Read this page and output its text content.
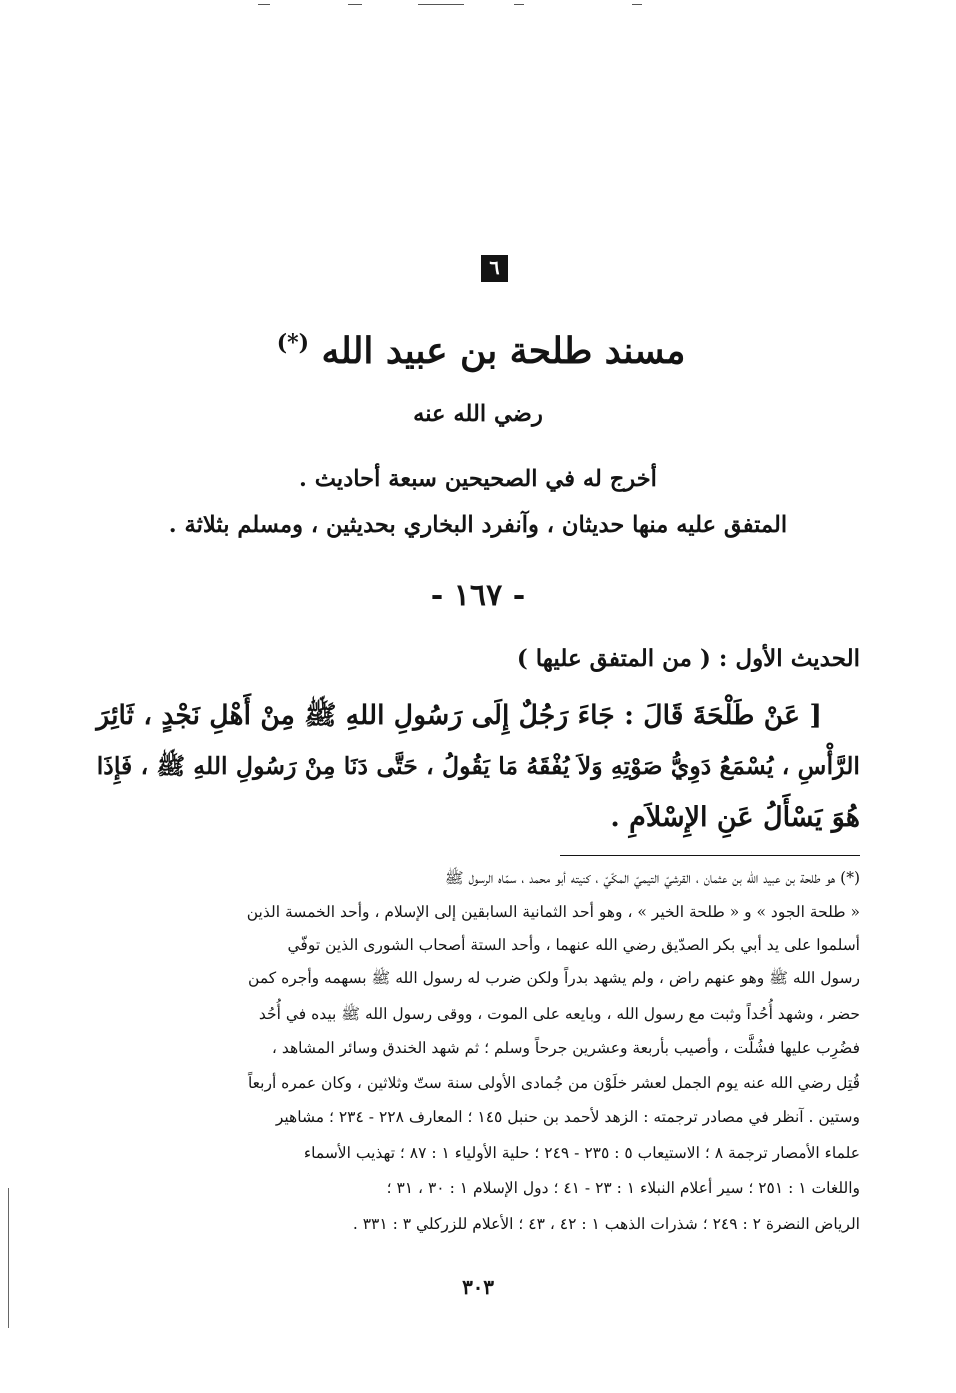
٦
مسند طلحة بن عبيد الله (*)
رضي الله عنه
أخرج له في الصحيحين سبعة أحاديث .
المتفق عليه منها حديثان ، وآنفرد البخاري بحديثين ، ومسلم بثلاثة .
- ١٦٧ -
الحديث الأول : ( من المتفق عليها )
[ عَنْ طَلْحَةَ قَالَ : جَاءَ رَجُلٌ إِلَى رَسُولِ اللهِ ﷺ مِنْ أَهْلِ نَجْدٍ ، ثَائِرَ
الرَّأْسِ ، يُسْمَعُ دَوِيُّ صَوْتِهِ وَلاَ يُفْقَهُ مَا يَقُولُ ، حَتَّى دَنَا مِنْ رَسُولِ اللهِ ﷺ ، فَإِذَا
هُوَ يَسْأَلُ عَنِ الإِسْلاَمِ .
(*) هو طلحة بن عبيد الله بن عثمان ، القرشيّ التيميّ المكّيّ ، كنيته أبو محمد ، سمّاه الرسول ﷺ
« طلحة الجود » و « طلحة الخير » ، وهو أحد الثمانية السابقين إلى الإسلام ، وأحد الخمسة الذين
أسلموا على يد أبي بكر الصدّيق رضي الله عنهما ، وأحد الستة أصحاب الشورى الذين توفّي
رسول الله ﷺ وهو عنهم راض ، ولم يشهد بدراً ولكن ضرب له رسول الله ﷺ بسهمه وأجره كمن
حضر ، وشهد أُحُداً وثبت مع رسول الله ، وبايعه على الموت ، ووقى رسول الله ﷺ بيده في أُحُد
فضُرِب عليها فشُلَّت ، وأصيب بأربعة وعشرين جرحاً وسلم ؛ ثم شهد الخندق وسائر المشاهد ،
قُتِل رضي الله عنه يوم الجمل لعشر خلَوْن من جُمادى الأولى سنة ستّ وثلاثين ، وكان عمره أربعاً
وستين . آنظر في مصادر ترجمته : الزهد لأحمد بن حنبل ١٤٥ ؛ المعارف ٢٢٨ - ٢٣٤ ؛ مشاهير
علماء الأمصار ترجمة ٨ ؛ الاستيعاب ٥ : ٢٣٥ - ٢٤٩ ؛ حلية الأولياء ١ : ٨٧ ؛ تهذيب الأسماء
واللغات ١ : ٢٥١ ؛ سير أعلام النبلاء ١ : ٢٣ - ٤١ ؛ دول الإسلام ١ : ٣٠ ، ٣١ ؛
الرياض النضرة ٢ : ٢٤٩ ؛ شذرات الذهب ١ : ٤٢ ، ٤٣ ؛ الأعلام للزركلي ٣ : ٣٣١ .
٣٠٣
